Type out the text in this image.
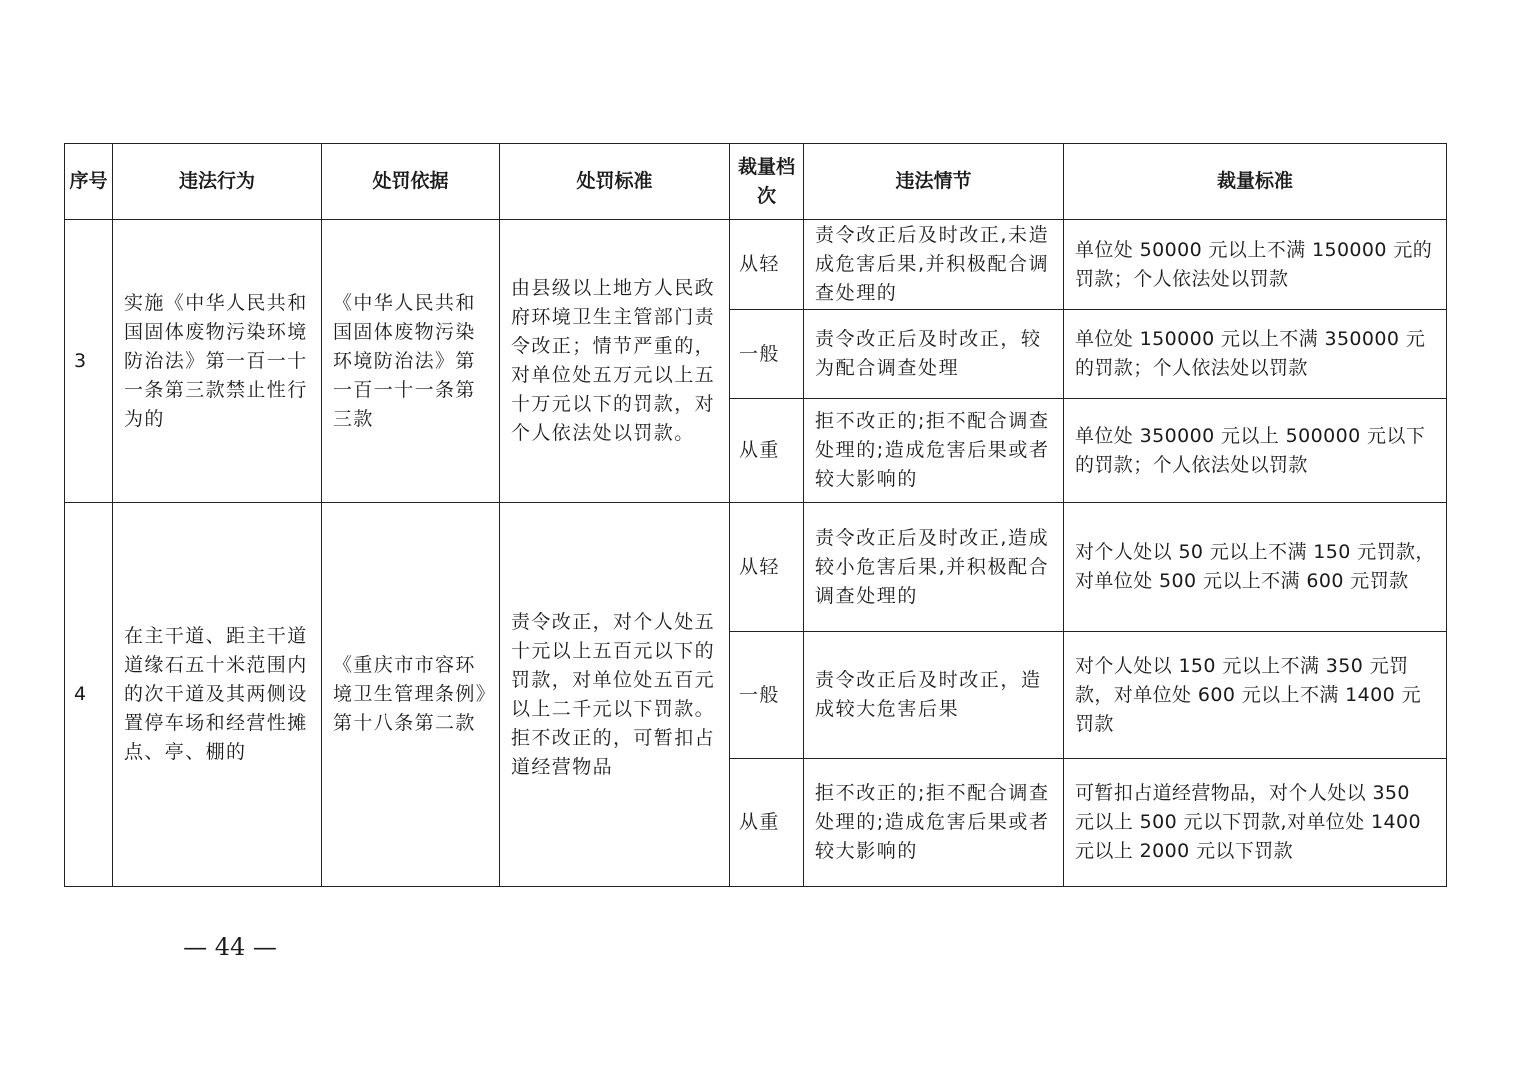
序号	违法行为	处罚依据	处罚标准	裁量档次	违法情节	裁量标准
3	实施《中华人民共和国固体废物污染环境防治法》第一百一十一条第三款禁止性行为的	《中华人民共和国固体废物污染环境防治法》第一百一十一条第三款	由县级以上地方人民政府环境卫生主管部门责令改正；情节严重的，对单位处五万元以上五十万元以下的罚款，对个人依法处以罚款。	从轻	责令改正后及时改正,未造成危害后果,并积极配合调查处理的	单位处 50000 元以上不满 150000 元的罚款；个人依法处以罚款
				一般	责令改正后及时改正，较为配合调查处理	单位处 150000 元以上不满 350000 元的罚款；个人依法处以罚款
				从重	拒不改正的;拒不配合调查处理的;造成危害后果或者较大影响的	单位处 350000 元以上 500000 元以下的罚款；个人依法处以罚款
4	在主干道、距主干道道缘石五十米范围内的次干道及其两侧设置停车场和经营性摊点、亭、棚的	《重庆市市容环境卫生管理条例》第十八条第二款	责令改正，对个人处五十元以上五百元以下的罚款，对单位处五百元以上二千元以下罚款。拒不改正的，可暂扣占道经营物品	从轻	责令改正后及时改正,造成较小危害后果,并积极配合调查处理的	对个人处以 50 元以上不满 150 元罚款，对单位处 500 元以上不满 600 元罚款
				一般	责令改正后及时改正，造成较大危害后果	对个人处以 150 元以上不满 350 元罚款，对单位处 600 元以上不满 1400 元罚款
				从重	拒不改正的;拒不配合调查处理的;造成危害后果或者较大影响的	可暂扣占道经营物品，对个人处以 350 元以上 500 元以下罚款,对单位处 1400 元以上 2000 元以下罚款
— 44 —
